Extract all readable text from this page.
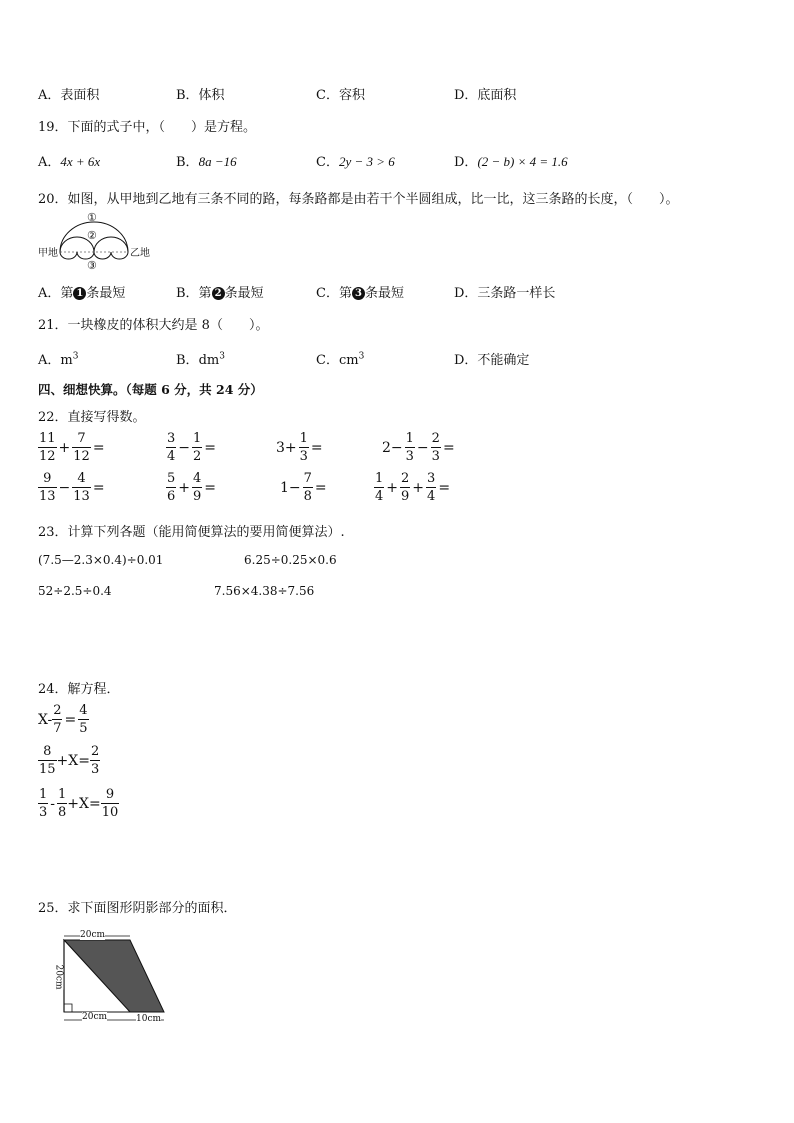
A．表面积	B．体积	C．容积	D．底面积
19．下面的式子中，（　　）是方程。
A．4x + 6x	B．8a −16	C．2y − 3 > 6	D．(2 − b) × 4 = 1.6
20．如图，从甲地到乙地有三条不同的路，每条路都是由若干个半圆组成，比一比，这三条路的长度，（　　）。
甲地	乙地
①
②
③
A．第 1 条最短	B．第 2 条最短	C．第 3 条最短	D．三条路一样长
21．一块橡皮的体积大约是 8（　　）。
A．$m^3$	B．$dm^3$	C．$cm^3$	D．不能确定
四、细想快算。（每题 6 分，共 24 分）
22．直接写得数。
$\frac{11}{12} + \frac{7}{12}$ =	$\frac{3}{4} - \frac{1}{2}$ =	$3+ \frac{1}{3}$ =	$2- \frac{1}{3} - \frac{2}{3}$ =
$\frac{9}{13} - \frac{4}{13}$ =	$\frac{5}{6} + \frac{4}{9}$ =	$1- \frac{7}{8}$ =	$\frac{1}{4} + \frac{2}{9} + \frac{3}{4}$ =
23．计算下列各题（能用简便算法的要用简便算法）.
(7.5—2.3×0.4)÷0.01	6.25÷0.25×0.6
52÷2.5÷0.4	7.56×4.38÷7.56
24．解方程．
$X- \frac{2}{7} = \frac{4}{5}$
$\frac{8}{15} +X= \frac{2}{3}$
$\frac{1}{3} - \frac{1}{8} +X= \frac{9}{10}$
25．求下面图形阴影部分的面积．
20cm
20cm
20cm	10cm
